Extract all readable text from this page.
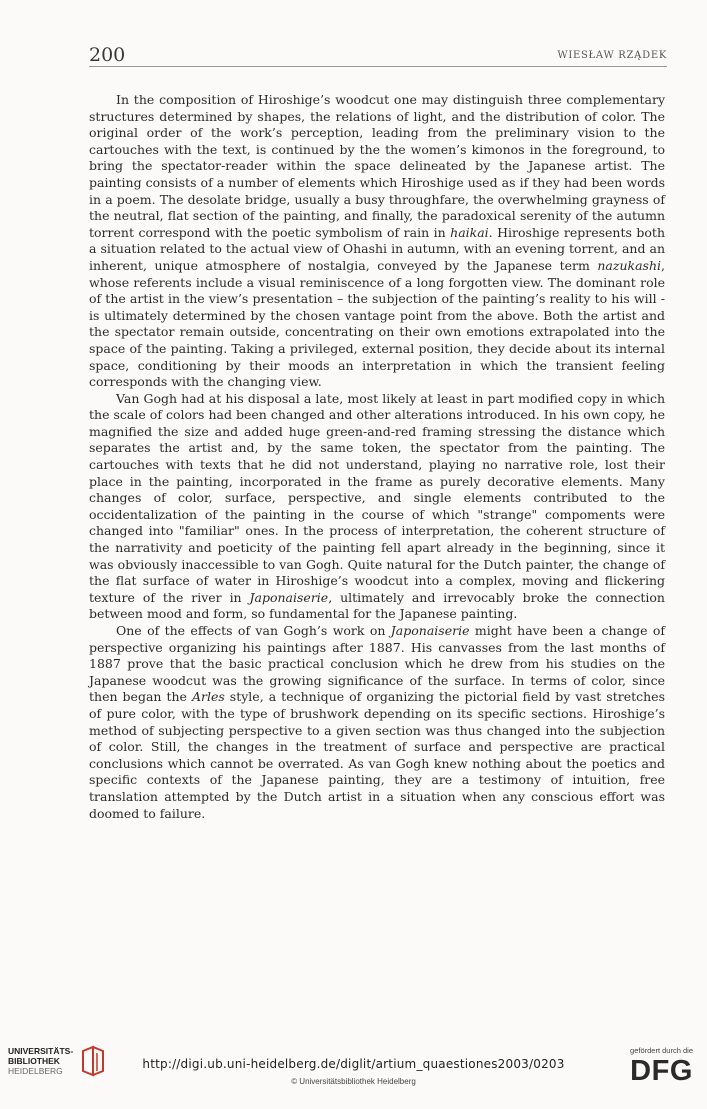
200	WIESŁAW RZĄDEK

In the composition of Hiroshige’s woodcut one may distinguish three complementary structures determined by shapes, the relations of light, and the distribution of color. The original order of the work’s perception, leading from the preliminary vision to the cartouches with the text, is continued by the the women’s kimonos in the foreground, to bring the spectator-reader within the space delineated by the Japanese artist. The painting consists of a number of elements which Hiroshige used as if they had been words in a poem. The desolate bridge, usually a busy throughfare, the overwhelming grayness of the neutral, flat section of the painting, and finally, the paradoxical serenity of the autumn torrent correspond with the poetic symbolism of rain in haikai. Hiroshige represents both a situation related to the actual view of Ohashi in autumn, with an evening torrent, and an inherent, unique atmosphere of nostalgia, conveyed by the Japanese term nazukashi, whose referents include a visual reminiscence of a long forgotten view. The dominant role of the artist in the view’s presentation – the subjection of the painting’s reality to his will - is ultimately determined by the chosen vantage point from the above. Both the artist and the spectator remain outside, concentrating on their own emotions extrapolated into the space of the painting. Taking a privileged, external position, they decide about its internal space, conditioning by their moods an interpretation in which the transient feeling corresponds with the changing view.

Van Gogh had at his disposal a late, most likely at least in part modified copy in which the scale of colors had been changed and other alterations introduced. In his own copy, he magnified the size and added huge green-and-red framing stressing the distance which separates the artist and, by the same token, the spectator from the painting. The cartouches with texts that he did not understand, playing no narrative role, lost their place in the painting, incorporated in the frame as purely decorative elements. Many changes of color, surface, perspective, and single elements contributed to the occidentalization of the painting in the course of which "strange" compoments were changed into "familiar" ones. In the process of interpretation, the coherent structure of the narrativity and poeticity of the painting fell apart already in the beginning, since it was obviously inaccessible to van Gogh. Quite natural for the Dutch painter, the change of the flat surface of water in Hiroshige’s woodcut into a complex, moving and flickering texture of the river in Japonaiserie, ultimately and irrevocably broke the connection between mood and form, so fundamental for the Japanese painting.

One of the effects of van Gogh’s work on Japonaiserie might have been a change of perspective organizing his paintings after 1887. His canvasses from the last months of 1887 prove that the basic practical conclusion which he drew from his studies on the Japanese woodcut was the growing significance of the surface. In terms of color, since then began the Arles style, a technique of organizing the pictorial field by vast stretches of pure color, with the type of brushwork depending on its specific sections. Hiroshige’s method of subjecting perspective to a given section was thus changed into the subjection of color. Still, the changes in the treatment of surface and perspective are practical conclusions which cannot be overrated. As van Gogh knew nothing about the poetics and specific contexts of the Japanese painting, they are a testimony of intuition, free translation attempted by the Dutch artist in a situation when any conscious effort was doomed to failure.

UNIVERSITÄTS-
BIBLIOTHEK
HEIDELBERG	http://digi.ub.uni-heidelberg.de/diglit/artium_quaestiones2003/0203
© Universitätsbibliothek Heidelberg
gefördert durch die
DFG
